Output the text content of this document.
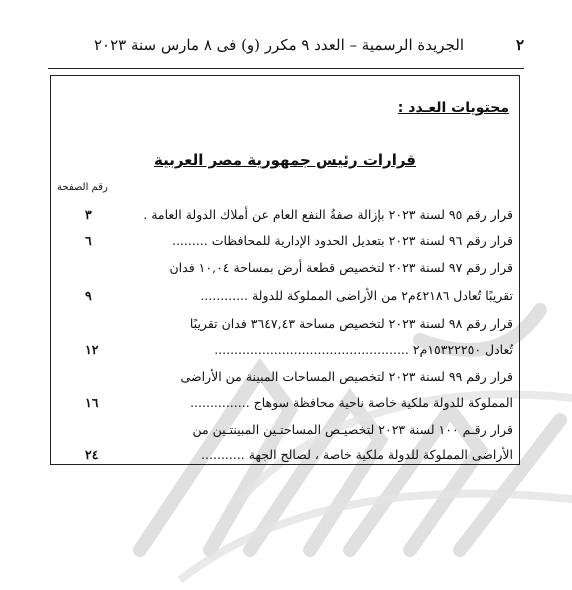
٢
الجريدة الرسمية – العدد ٩ مكرر (و) فى ٨ مارس سنة ٢٠٢٣
محتويات العـدد :
قرارات رئيس جمهورية مصر العربية
رقم الصفحة
قرار رقم ٩٥ لسنة ٢٠٢٣ بإزالة صفةُ النفع العام عن أملاك الدولة العامة .
٣
قرار رقم ٩٦ لسنة ٢٠٢٣ بتعديل الحدود الإدارية للمحافظات .........
٦
قرار رقم ٩٧ لسنة ٢٠٢٣ لتخصيص قطعة أرض بمساحة ١٠,٠٤ فدان
تقريبًا تُعادل ٤٢١٨٦م٢ من الأراضى المملوكة للدولة ............
٩
قرار رقم ٩٨ لسنة ٢٠٢٣ لتخصيص مساحة ٣٦٤٧,٤٣ فدان تقريبًا
تُعادل ١٥٣٢٢٢٥٠م٢ .................................................
١٢
قرار رقم ٩٩ لسنة ٢٠٢٣ لتخصيص المساحات المبينة من الأراضى
المملوكة للدولة ملكية خاصة ناحية محافظة سوهاج ...............
١٦
قرار رقـم ١٠٠ لسنة ٢٠٢٣ لتخصيـص المساحتـين المبينتـين من
الأراضى المملوكة للدولة ملكية خاصة ، لصالح الجهة ...........
٢٤
